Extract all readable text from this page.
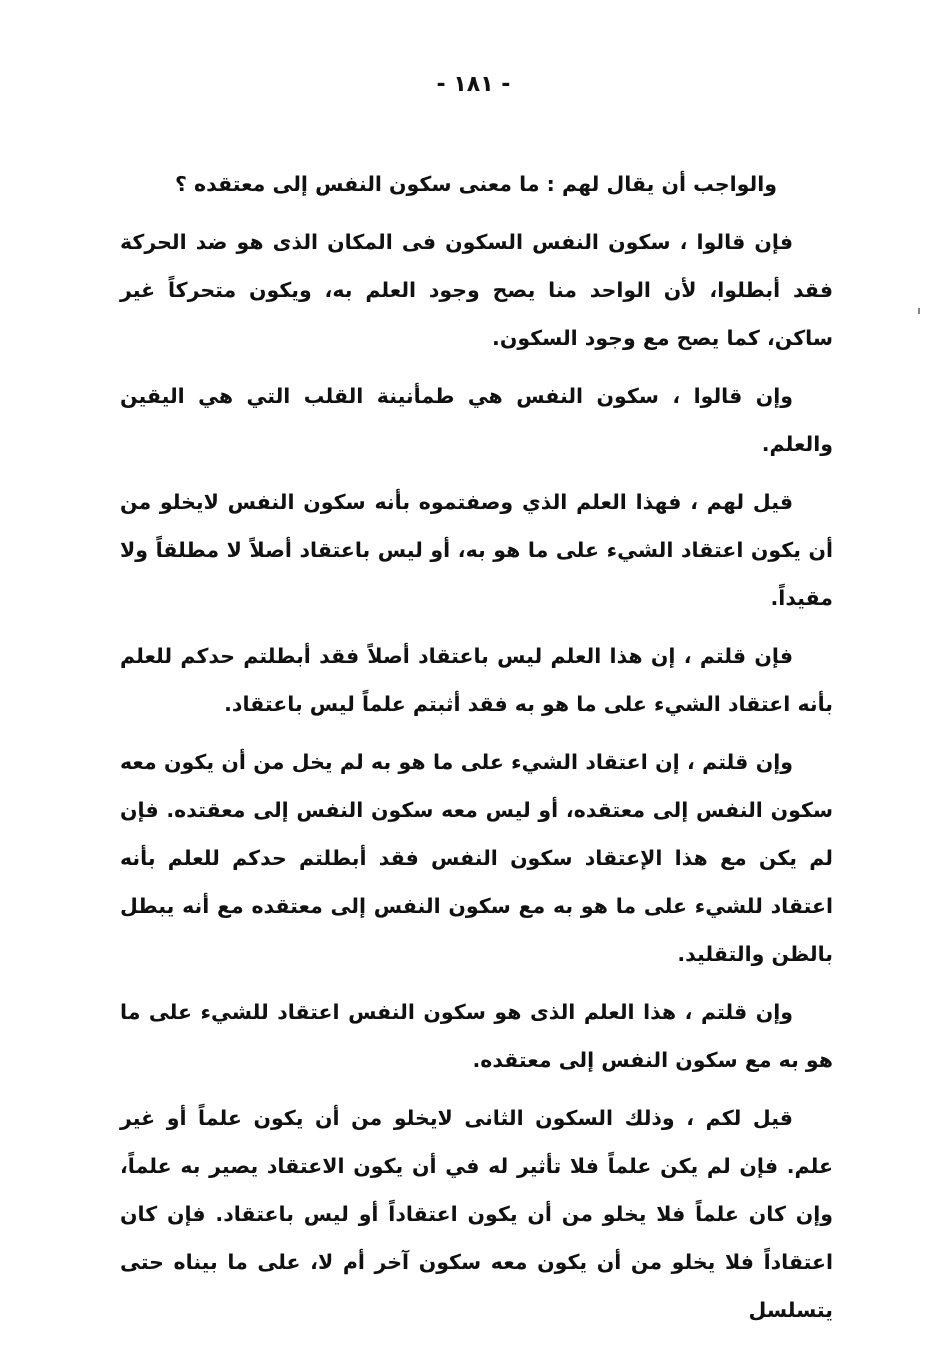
- ١٨١ -

والواجب أن يقال لهم : ما معنى سكون النفس إلى معتقده ؟

فإن قالوا ، سكون النفس السكون فى المكان الذى هو ضد الحركة فقد أبطلوا، لأن الواحد منا يصح وجود العلم به، ويكون متحركاً غير ساكن، كما يصح مع وجود السكون.

وإن قالوا ، سكون النفس هي طمأنينة القلب التي هي اليقين والعلم.

قيل لهم ، فهذا العلم الذي وصفتموه بأنه سكون النفس لايخلو من أن يكون اعتقاد الشيء على ما هو به، أو ليس باعتقاد أصلاً لا مطلقاً ولا مقيداً.

فإن قلتم ، إن هذا العلم ليس باعتقاد أصلاً فقد أبطلتم حدكم للعلم بأنه اعتقاد الشيء على ما هو به فقد أثبتم علماً ليس باعتقاد.

وإن قلتم ، إن اعتقاد الشيء على ما هو به لم يخل من أن يكون معه سكون النفس إلى معتقده، أو ليس معه سكون النفس إلى معقتده. فإن لم يكن مع هذا الإعتقاد سكون النفس فقد أبطلتم حدكم للعلم بأنه اعتقاد للشيء على ما هو به مع سكون النفس إلى معتقده مع أنه يبطل بالظن والتقليد.

وإن قلتم ، هذا العلم الذى هو سكون النفس اعتقاد للشيء على ما هو به مع سكون النفس إلى معتقده.

قيل لكم ، وذلك السكون الثانى لايخلو من أن يكون علماً أو غير علم. فإن لم يكن علماً فلا تأثير له في أن يكون الاعتقاد يصير به علماً، وإن كان علماً فلا يخلو من أن يكون اعتقاداً أو ليس باعتقاد. فإن كان اعتقاداً فلا يخلو من أن يكون معه سكون آخر أم لا، على ما بيناه حتى يتسلسل
